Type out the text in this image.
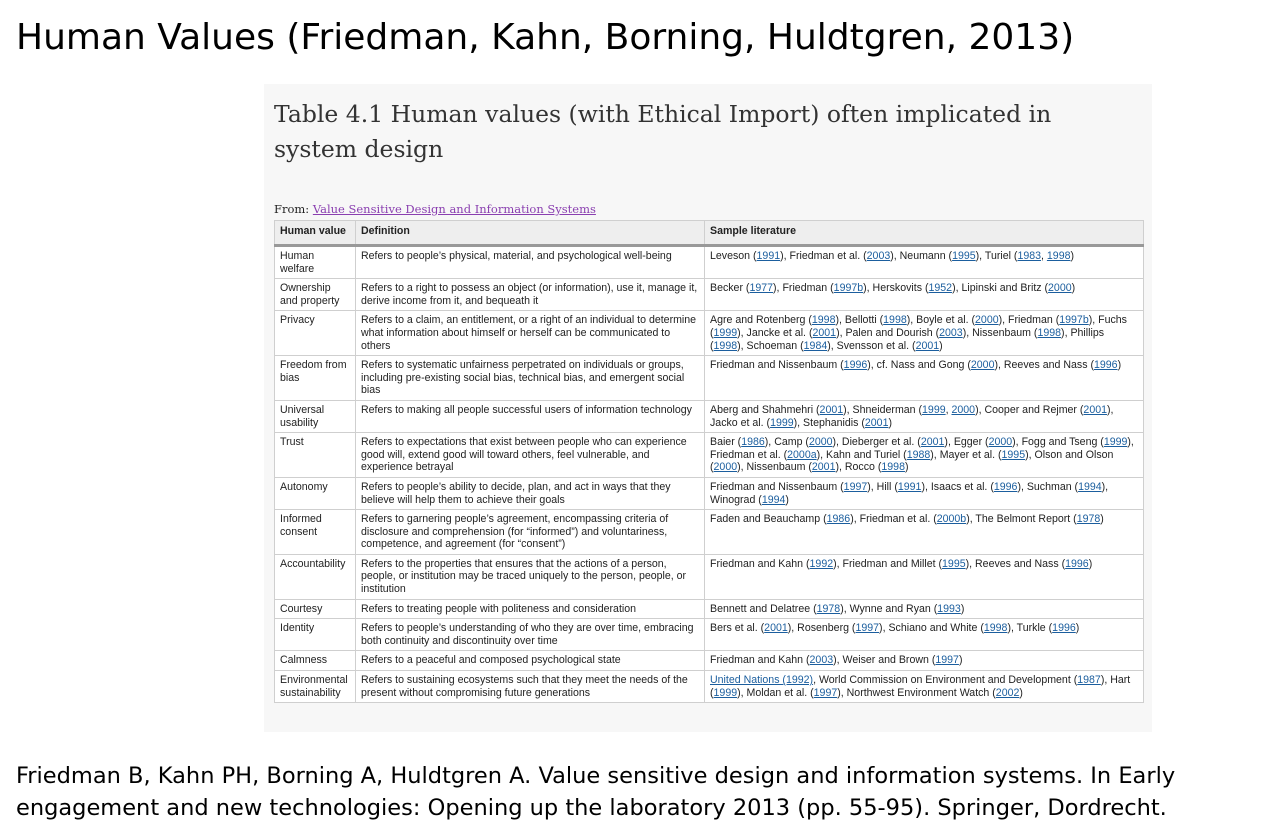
Human Values (Friedman, Kahn, Borning, Huldtgren, 2013)
Table 4.1 Human values (with Ethical Import) often implicated in system design
From: Value Sensitive Design and Information Systems
Human value	Definition	Sample literature
Human welfare	Refers to people’s physical, material, and psychological well-being	Leveson (1991), Friedman et al. (2003), Neumann (1995), Turiel (1983, 1998)
Ownership and property	Refers to a right to possess an object (or information), use it, manage it, derive income from it, and bequeath it	Becker (1977), Friedman (1997b), Herskovits (1952), Lipinski and Britz (2000)
Privacy	Refers to a claim, an entitlement, or a right of an individual to determine what information about himself or herself can be communicated to others	Agre and Rotenberg (1998), Bellotti (1998), Boyle et al. (2000), Friedman (1997b), Fuchs (1999), Jancke et al. (2001), Palen and Dourish (2003), Nissenbaum (1998), Phillips (1998), Schoeman (1984), Svensson et al. (2001)
Freedom from bias	Refers to systematic unfairness perpetrated on individuals or groups, including pre-existing social bias, technical bias, and emergent social bias	Friedman and Nissenbaum (1996), cf. Nass and Gong (2000), Reeves and Nass (1996)
Universal usability	Refers to making all people successful users of information technology	Aberg and Shahmehri (2001), Shneiderman (1999, 2000), Cooper and Rejmer (2001), Jacko et al. (1999), Stephanidis (2001)
Trust	Refers to expectations that exist between people who can experience good will, extend good will toward others, feel vulnerable, and experience betrayal	Baier (1986), Camp (2000), Dieberger et al. (2001), Egger (2000), Fogg and Tseng (1999), Friedman et al. (2000a), Kahn and Turiel (1988), Mayer et al. (1995), Olson and Olson (2000), Nissenbaum (2001), Rocco (1998)
Autonomy	Refers to people’s ability to decide, plan, and act in ways that they believe will help them to achieve their goals	Friedman and Nissenbaum (1997), Hill (1991), Isaacs et al. (1996), Suchman (1994), Winograd (1994)
Informed consent	Refers to garnering people’s agreement, encompassing criteria of disclosure and comprehension (for “informed”) and voluntariness, competence, and agreement (for “consent”)	Faden and Beauchamp (1986), Friedman et al. (2000b), The Belmont Report (1978)
Accountability	Refers to the properties that ensures that the actions of a person, people, or institution may be traced uniquely to the person, people, or institution	Friedman and Kahn (1992), Friedman and Millet (1995), Reeves and Nass (1996)
Courtesy	Refers to treating people with politeness and consideration	Bennett and Delatree (1978), Wynne and Ryan (1993)
Identity	Refers to people’s understanding of who they are over time, embracing both continuity and discontinuity over time	Bers et al. (2001), Rosenberg (1997), Schiano and White (1998), Turkle (1996)
Calmness	Refers to a peaceful and composed psychological state	Friedman and Kahn (2003), Weiser and Brown (1997)
Environmental sustainability	Refers to sustaining ecosystems such that they meet the needs of the present without compromising future generations	United Nations (1992), World Commission on Environment and Development (1987), Hart (1999), Moldan et al. (1997), Northwest Environment Watch (2002)

Friedman B, Kahn PH, Borning A, Huldtgren A. Value sensitive design and information systems. In Early
engagement and new technologies: Opening up the laboratory 2013 (pp. 55-95). Springer, Dordrecht.
